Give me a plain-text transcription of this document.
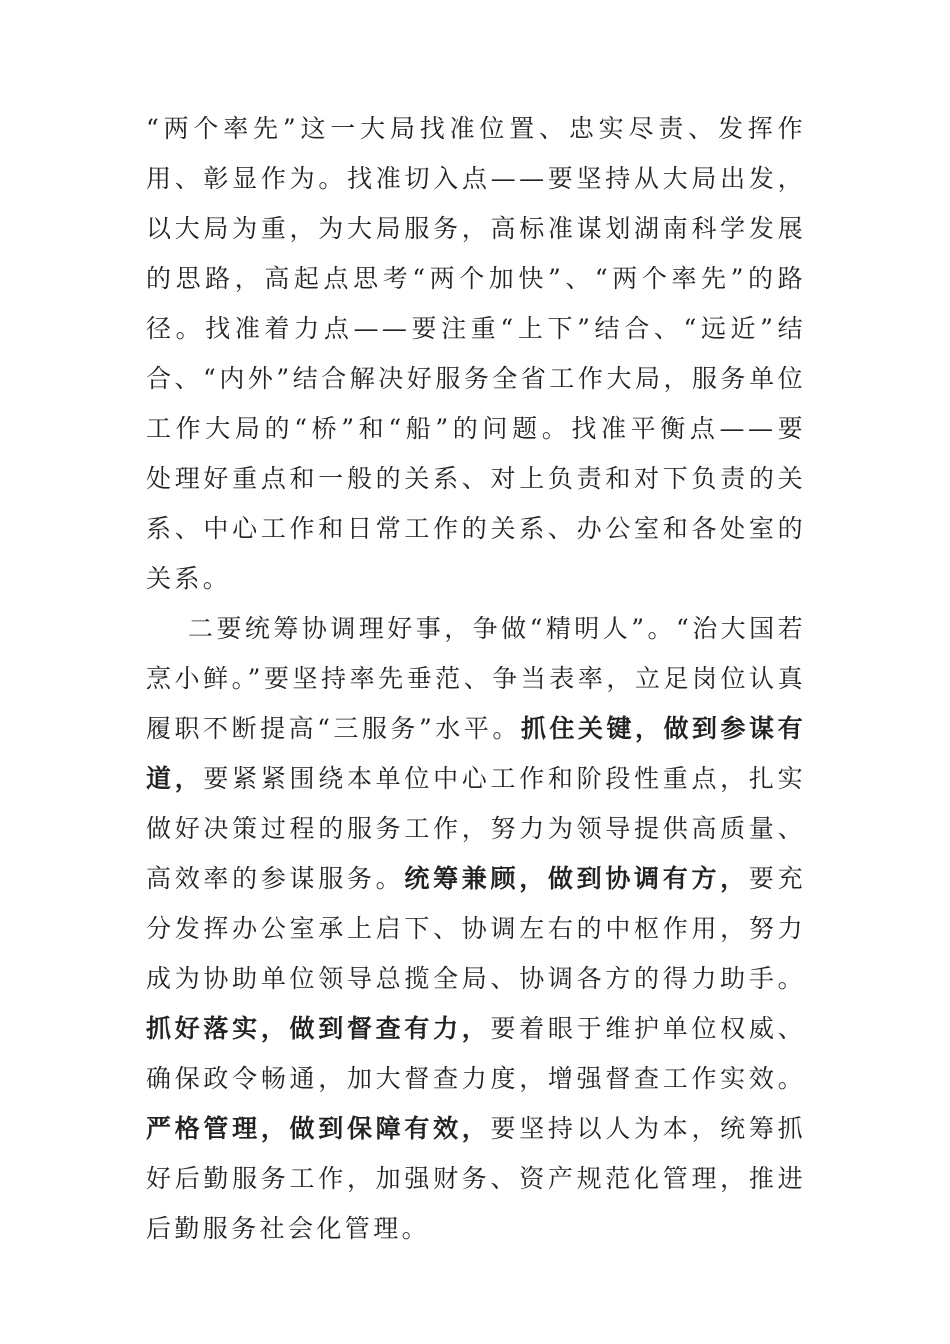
“两个率先”这一大局找准位置、忠实尽责、发挥作用、彰显作为。找准切入点——要坚持从大局出发，以大局为重，为大局服务，高标准谋划湖南科学发展的思路，高起点思考“两个加快”、“两个率先”的路径。找准着力点——要注重“上下”结合、“远近”结合、“内外”结合解决好服务全省工作大局，服务单位工作大局的“桥”和“船”的问题。找准平衡点——要处理好重点和一般的关系、对上负责和对下负责的关系、中心工作和日常工作的关系、办公室和各处室的关系。

二要统筹协调理好事，争做“精明人”。“治大国若烹小鲜。”要坚持率先垂范、争当表率，立足岗位认真履职不断提高“三服务”水平。抓住关键，做到参谋有道，要紧紧围绕本单位中心工作和阶段性重点，扎实做好决策过程的服务工作，努力为领导提供高质量、高效率的参谋服务。统筹兼顾，做到协调有方，要充分发挥办公室承上启下、协调左右的中枢作用，努力成为协助单位领导总揽全局、协调各方的得力助手。抓好落实，做到督查有力，要着眼于维护单位权威、确保政令畅通，加大督查力度，增强督查工作实效。严格管理，做到保障有效，要坚持以人为本，统筹抓好后勤服务工作，加强财务、资产规范化管理，推进后勤服务社会化管理。
